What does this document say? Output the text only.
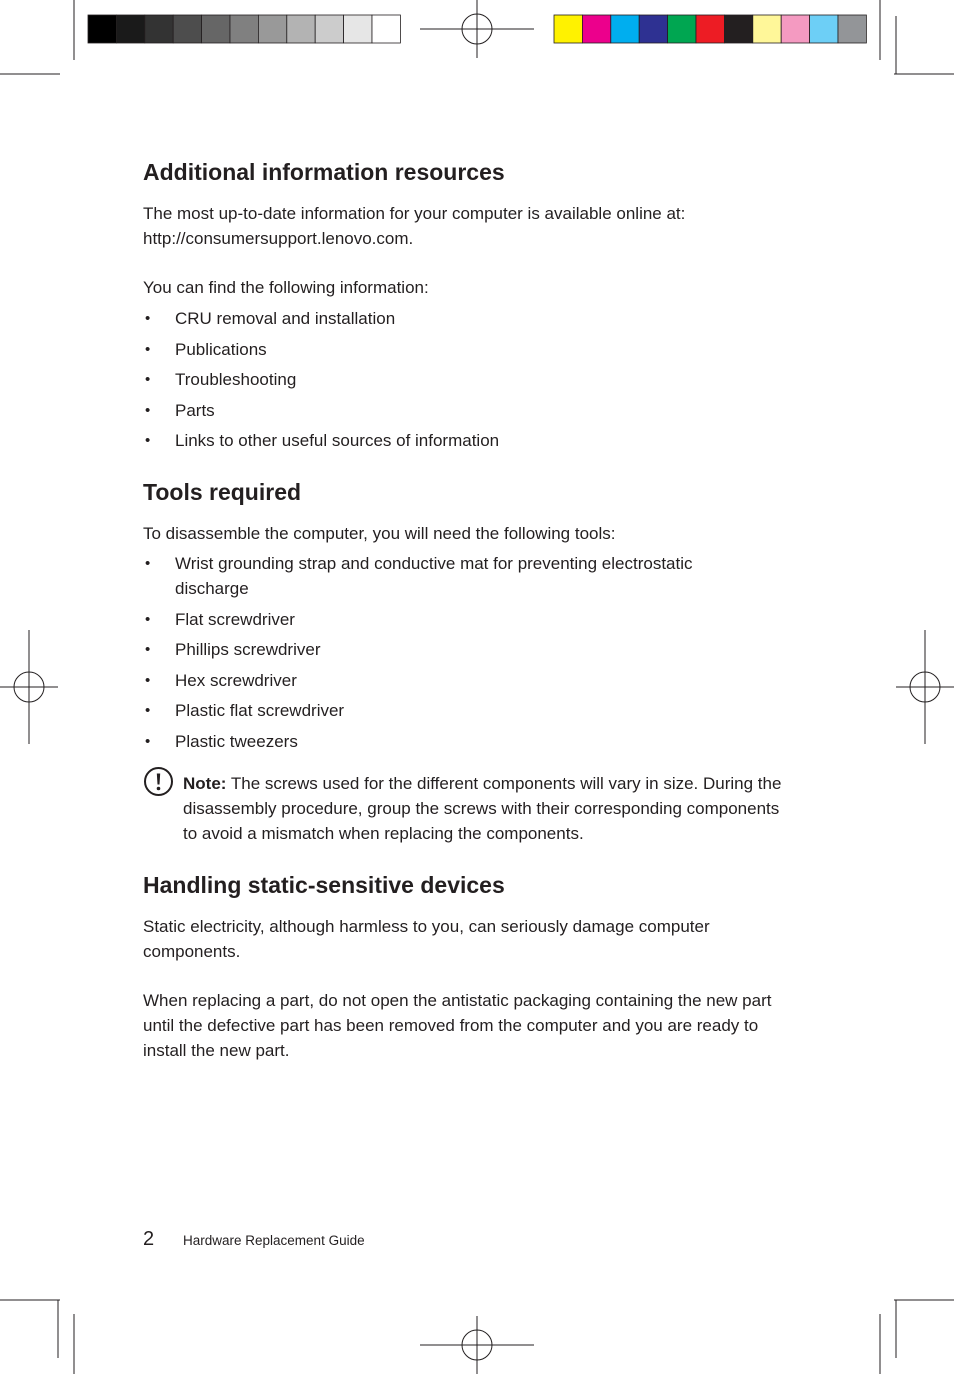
Additional information resources

The most up-to-date information for your computer is available online at: http://consumersupport.lenovo.com.

You can find the following information:

• CRU removal and installation
• Publications
• Troubleshooting
• Parts
• Links to other useful sources of information
Tools required

To disassemble the computer, you will need the following tools:

• Wrist grounding strap and conductive mat for preventing electrostatic discharge
• Flat screwdriver
• Phillips screwdriver
• Hex screwdriver
• Plastic flat screwdriver
• Plastic tweezers
Note: The screws used for the different components will vary in size. During the disassembly procedure, group the screws with their corresponding components to avoid a mismatch when replacing the components.
Handling static-sensitive devices

Static electricity, although harmless to you, can seriously damage computer components.

When replacing a part, do not open the antistatic packaging containing the new part until the defective part has been removed from the computer and you are ready to install the new part.

2 Hardware Replacement Guide
